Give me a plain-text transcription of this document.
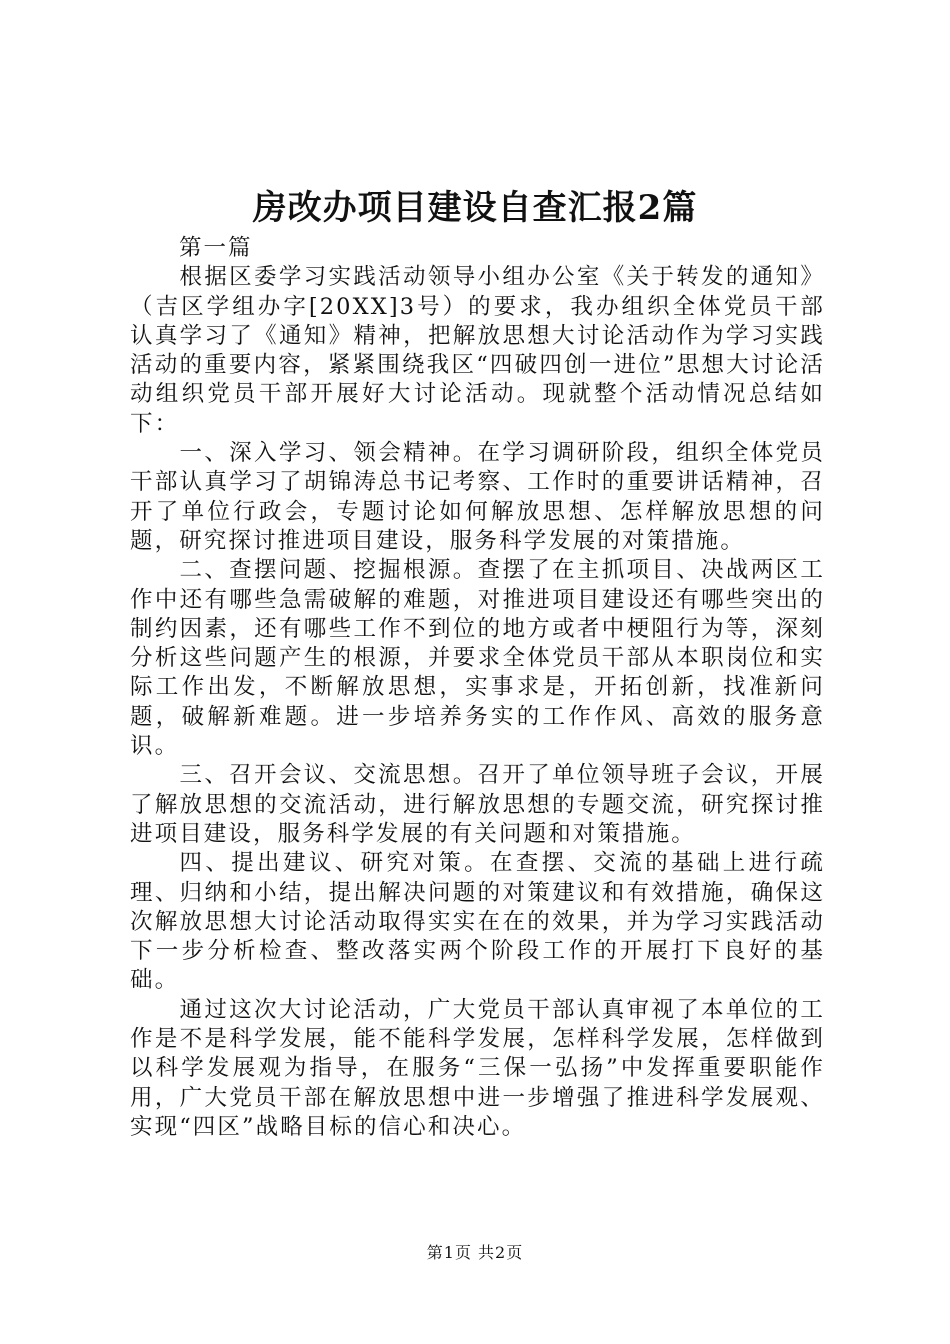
房改办项目建设自查汇报2篇

第一篇

根据区委学习实践活动领导小组办公室《关于转发的通知》（吉区学组办字[20XX]3号）的要求，我办组织全体党员干部认真学习了《通知》精神，把解放思想大讨论活动作为学习实践活动的重要内容，紧紧围绕我区“四破四创一进位”思想大讨论活动组织党员干部开展好大讨论活动。现就整个活动情况总结如下：

一、深入学习、领会精神。在学习调研阶段，组织全体党员干部认真学习了胡锦涛总书记考察、工作时的重要讲话精神，召开了单位行政会，专题讨论如何解放思想、怎样解放思想的问题，研究探讨推进项目建设，服务科学发展的对策措施。

二、查摆问题、挖掘根源。查摆了在主抓项目、决战两区工作中还有哪些急需破解的难题，对推进项目建设还有哪些突出的制约因素，还有哪些工作不到位的地方或者中梗阻行为等，深刻分析这些问题产生的根源，并要求全体党员干部从本职岗位和实际工作出发，不断解放思想，实事求是，开拓创新，找准新问题，破解新难题。进一步培养务实的工作作风、高效的服务意识。

三、召开会议、交流思想。召开了单位领导班子会议，开展了解放思想的交流活动，进行解放思想的专题交流，研究探讨推进项目建设，服务科学发展的有关问题和对策措施。

四、提出建议、研究对策。在查摆、交流的基础上进行疏理、归纳和小结，提出解决问题的对策建议和有效措施，确保这次解放思想大讨论活动取得实实在在的效果，并为学习实践活动下一步分析检查、整改落实两个阶段工作的开展打下良好的基础。

通过这次大讨论活动，广大党员干部认真审视了本单位的工作是不是科学发展，能不能科学发展，怎样科学发展，怎样做到以科学发展观为指导，在服务“三保一弘扬”中发挥重要职能作用，广大党员干部在解放思想中进一步增强了推进科学发展观、实现“四区”战略目标的信心和决心。

第1页 共2页
